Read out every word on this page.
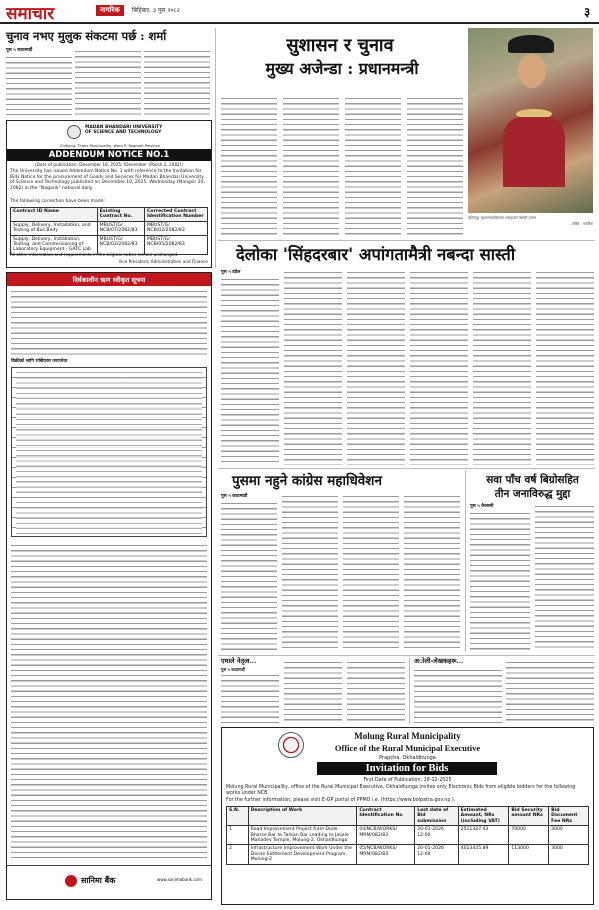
समाचार	नागरिक	बिहिबार, ३ पुस २०८२	३
चुनाव नभए मुलुक संकटमा पर्छ : शर्मा
पुस ५ काठमाडौं
MADAN BHANDARI UNIVERSITY OF SCIENCE AND TECHNOLOGY
Chitlang, Thaha Municipality, Ward 9, Bagmati Province
ADDENDUM NOTICE NO.1
(Date of publication: December 18, 2025, (December (Poush 2, 2082))
The University has issued Addendum Notice No. 1 with reference to the Invitation for Bids Notice for the procurement of Goods and Services for Madan Bhandari University of Science and Technology published on December 10, 2025, Wednesday (Mangsir 24, 2082) in the "Nagarik" national daily.
The following correction have been made:
Contract ID Name	Existing Contract No.	Corrected Contract Identification Number
Supply, Delivery, Installation, and Testing of Bus Body	MBUST/G/ NCB/07/2082/83	MBUST/G/ NCB/02/2082/83
Supply, Delivery, Installation, Testing, and Commissioning of Laboratory Equipment - GATC Lab	MBUST/G/ NCB/02/2082/83	MBUST/G/ NCB/05/2082/83
All other information and requirements in the original notice remain unchanged.
Vice President, Administration and Finance
दिर्घकालीन ऋण स्वीकृत सूचना
बिक्रीको लागि राखिएका जायजेथा
सानिमा बैंक	www.sanimabank.com
सुशासन र चुनाव
मुख्य अजेन्डा : प्रधानमन्त्री
ललितपुर महानगरपालिकामा मनाइएको उँधौली उत्सव
तस्बिर : नागरिक
देलोका 'सिंहदरबार' अपांगतामैत्री नबन्दा सास्ती
पुस ५ डडेल
पुसमा नहुने कांग्रेस महाधिवेशन
पुस ५ काठमाडौं
सवा पाँच वर्ष बिग्रोसहित
तीन जनाविरुद्ध मुद्दा
पुस ५ कैलाली
एमाले नेतृत्व...
पुस ५ काठमाडौं
अोली-लेखकहरू...
Molung Rural Municipality
Office of the Rural Municipal Executive
Prapcha, Okhaldhunga
Invitation for Bids
First Date of Publication: 18-12-2025
Molung Rural Municipality, office of the Rural Municipal Executive, Okhaldhunga invites only Electronic Bids from eligible bidders for the following works under NCB.
For the further information, please visit E-GP portal of PPMO i.e. (https://www.bolpatra.gov.np ).
S.N.	Description of Work	Contract Identification No	Last date of Bid submission	Estimated Amount, NRs (including VAT)	Bid Security amount NRs	Bid Document Fee NRs
1	Road Improvement Project from Dude Bharse Bar to Tarkan Bar Leading to Jaljale Mahadev Temple, Molung-2, Okhaldhunga	04/NCB/WORKS/ MRM/082/83	20-01-2026 12:00	2511327.43	70000	3000
2	Infrastructure Improvement Work Under the Dense Settlement Development Program, Molung-2	05/NCB/WORKS/ MRM/082/83	20-01-2026 12:00	4023435.89	113000	3000
